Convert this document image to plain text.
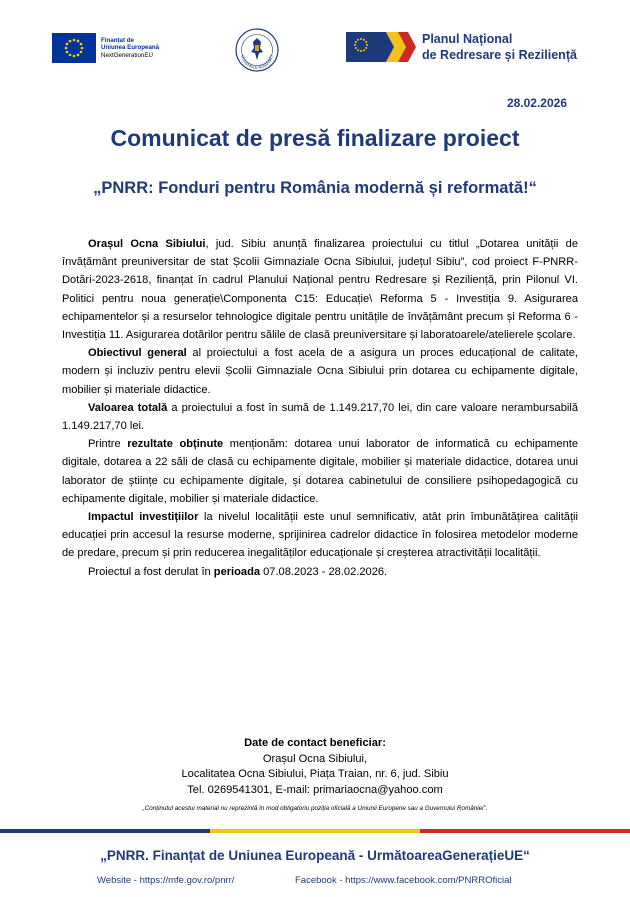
Finanțat de
Uniunea Europeană
NextGenerationEU	GUVERNUL ROMÂNIEI
Planul Național
de Redresare și Reziliență
28.02.2026
Comunicat de presă finalizare proiect
„PNRR: Fonduri pentru România modernă și reformată!“

Orașul Ocna Sibiului, jud. Sibiu anunță finalizarea proiectului cu titlul „Dotarea unității de învățământ preuniversitar de stat Școlii Gimnaziale Ocna Sibiului, județul Sibiu”, cod proiect F-PNRR-Dotări-2023-2618, finanțat în cadrul Planului Național pentru Redresare și Reziliență, prin Pilonul VI. Politici pentru noua generație\Componenta C15: Educație\ Reforma 5 - Investiția 9. Asigurarea echipamentelor și a resurselor tehnologice digitale pentru unitățile de învățământ precum și Reforma 6 - Investiția 11. Asigurarea dotărilor pentru sălile de clasă preuniversitare și laboratoarele/atelierele școlare.

Obiectivul general al proiectului a fost acela de a asigura un proces educațional de calitate, modern și incluziv pentru elevii Școlii Gimnaziale Ocna Sibiului prin dotarea cu echipamente digitale, mobilier și materiale didactice.

Valoarea totală a proiectului a fost în sumă de 1.149.217,70 lei, din care valoare nerambursabilă 1.149.217,70 lei.

Printre rezultate obținute menționăm: dotarea unui laborator de informatică cu echipamente digitale, dotarea a 22 săli de clasă cu echipamente digitale, mobilier și materiale didactice, dotarea unui laborator de științe cu echipamente digitale, și dotarea cabinetului de consiliere psihopedagogică cu echipamente digitale, mobilier și materiale didactice.

Impactul investițiilor la nivelul localității este unul semnificativ, atât prin îmbunătățirea calității educației prin accesul la resurse moderne, sprijinirea cadrelor didactice în folosirea metodelor moderne de predare, precum și prin reducerea inegalităților educaționale și creșterea atractivității localității.

Proiectul a fost derulat în perioada 07.08.2023 - 28.02.2026.

Date de contact beneficiar:
Orașul Ocna Sibiului,
Localitatea Ocna Sibiului, Piața Traian, nr. 6, jud. Sibiu
Tel. 0269541301, E-mail: primariaocna@yahoo.com
„Conținutul acestui material nu reprezintă în mod obligatoriu poziția oficială a Uniunii Europene sau a Guvernului României”.
„PNRR. Finanțat de Uniunea Europeană - UrmătoareaGenerațieUE“
Website - https://mfe.gov.ro/pnrr/	Facebook - https://www.facebook.com/PNRROficial
